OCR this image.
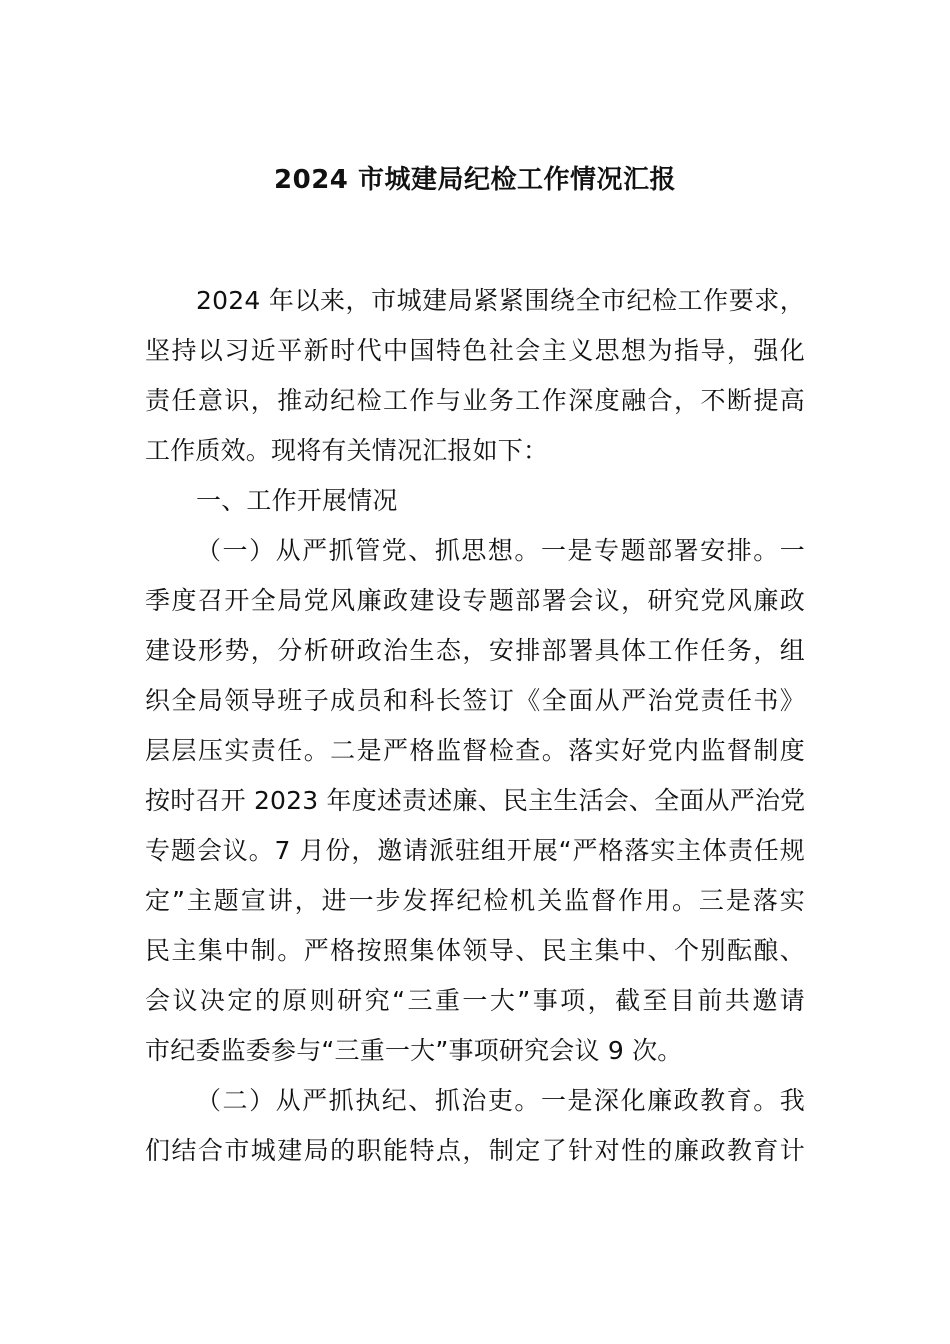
2024 市城建局纪检工作情况汇报
2024 年以来，市城建局紧紧围绕全市纪检工作要求，
坚持以习近平新时代中国特色社会主义思想为指导，强化
责任意识，推动纪检工作与业务工作深度融合，不断提高
工作质效。现将有关情况汇报如下：
一、工作开展情况
（一）从严抓管党、抓思想。一是专题部署安排。一
季度召开全局党风廉政建设专题部署会议，研究党风廉政
建设形势，分析研政治生态，安排部署具体工作任务，组
织全局领导班子成员和科长签订《全面从严治党责任书》
层层压实责任。二是严格监督检查。落实好党内监督制度
按时召开 2023 年度述责述廉、民主生活会、全面从严治党
专题会议。7 月份，邀请派驻组开展“严格落实主体责任规
定”主题宣讲，进一步发挥纪检机关监督作用。三是落实
民主集中制。严格按照集体领导、民主集中、个别酝酿、
会议决定的原则研究“三重一大”事项，截至目前共邀请
市纪委监委参与“三重一大”事项研究会议 9 次。
（二）从严抓执纪、抓治吏。一是深化廉政教育。我
们结合市城建局的职能特点，制定了针对性的廉政教育计
